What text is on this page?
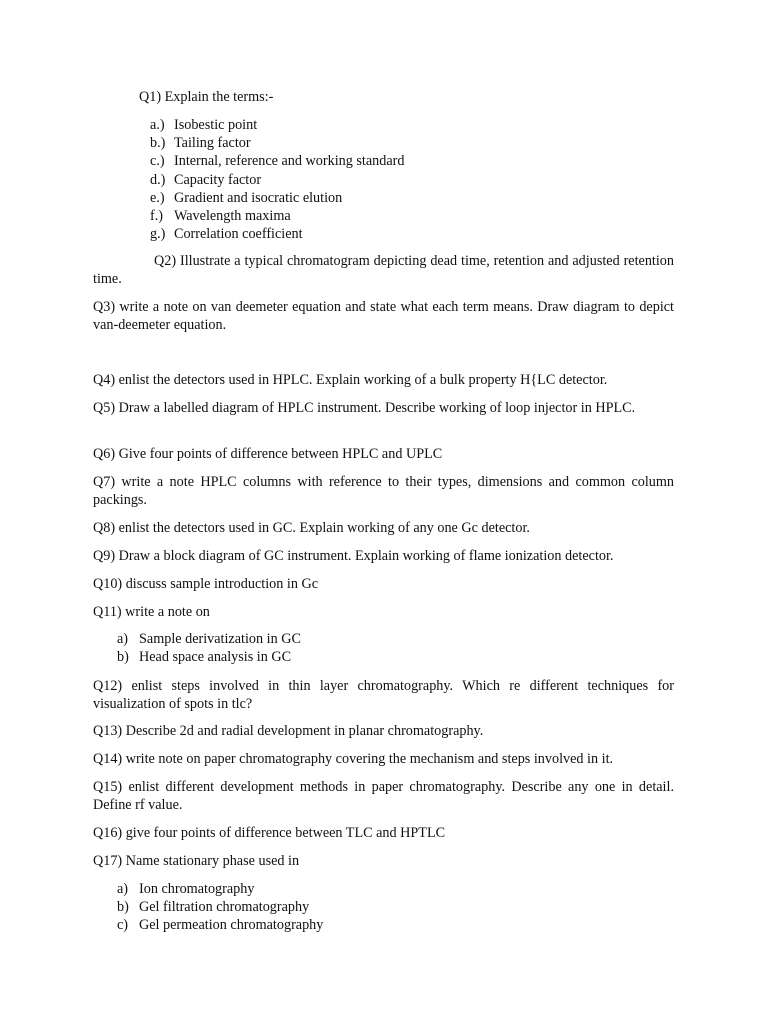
Q1) Explain the terms:-

a.) Isobestic point
b.) Tailing factor
c.) Internal, reference and working standard
d.) Capacity factor
e.) Gradient and isocratic elution
f.) Wavelength maxima
g.) Correlation coefficient

Q2) Illustrate a typical chromatogram depicting dead time, retention and adjusted retention time.

Q3) write a note on van deemeter equation and state what each term means. Draw diagram to depict van-deemeter equation.

Q4) enlist the detectors used in HPLC. Explain working of a bulk property H{LC detector.

Q5) Draw a labelled diagram of HPLC instrument. Describe working of loop injector in HPLC.

Q6) Give four points of difference between HPLC and UPLC

Q7) write a note HPLC columns with reference to their types, dimensions and common column packings.

Q8) enlist the detectors used in GC. Explain working of any one Gc detector.

Q9) Draw a block diagram of GC instrument. Explain working of flame ionization detector.

Q10) discuss sample introduction in Gc

Q11) write a note on

a) Sample derivatization in GC
b) Head space analysis in GC

Q12) enlist steps involved in thin layer chromatography. Which re different techniques for visualization of spots in tlc?

Q13) Describe 2d and radial development in planar chromatography.

Q14) write note on paper chromatography covering the mechanism and steps involved in it.

Q15) enlist different development methods in paper chromatography. Describe any one in detail. Define rf value.

Q16) give four points of difference between TLC and HPTLC

Q17) Name stationary phase used in

a) Ion chromatography
b) Gel filtration chromatography
c) Gel permeation chromatography
